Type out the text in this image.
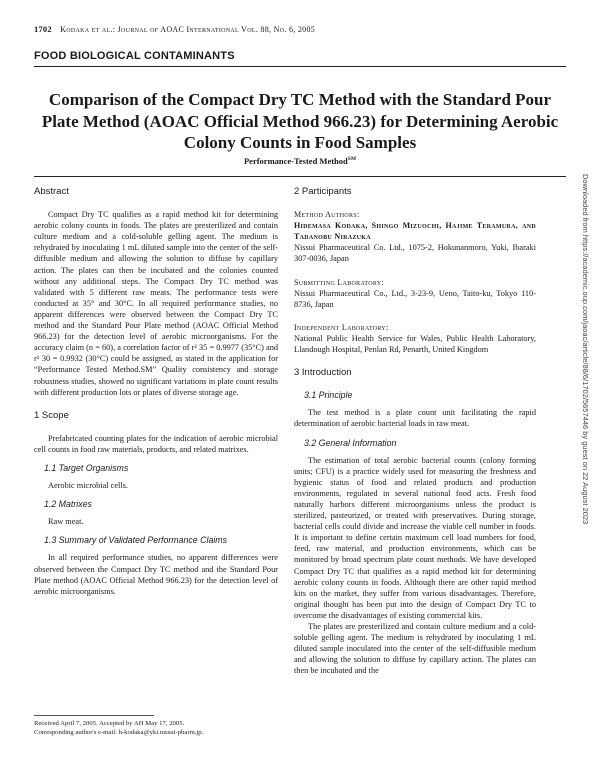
1702 Kodaka et al.: Journal of AOAC International Vol. 88, No. 6, 2005
FOOD BIOLOGICAL CONTAMINANTS
Comparison of the Compact Dry TC Method with the Standard Pour Plate Method (AOAC Official Method 966.23) for Determining Aerobic Colony Counts in Food Samples
Performance-Tested Method℠
Abstract

Compact Dry TC qualifies as a rapid method kit for determining aerobic colony counts in foods. The plates are presterilized and contain culture medium and a cold-soluble gelling agent. The medium is rehydrated by inoculating 1 mL diluted sample into the center of the self-diffusible medium and allowing the solution to diffuse by capillary action. The plates can then be incubated and the colonies counted without any additional steps. The Compact Dry TC method was validated with 5 different raw meats. The performance tests were conducted at 35° and 30°C. In all required performance studies, no apparent differences were observed between the Compact Dry TC method and the Standard Pour Plate method (AOAC Official Method 966.23) for the detection level of aerobic microorganisms. For the accuracy claim (n = 60), a correlation factor of r² 35 = 0.9977 (35°C) and r² 30 = 0.9932 (30°C) could be assigned, as stated in the application for “Performance Tested Method.SM” Quality consistency and storage robustness studies, showed no significant variations in plate count results with different production lots or plates of diverse storage age.

1 Scope

Prefabricated counting plates for the indication of aerobic microbial cell counts in food raw materials, products, and related matrixes.

1.1 Target Organisms

Aerobic microbial cells.

1.2 Matrixes

Raw meat.

1.3 Summary of Validated Performance Claims

In all required performance studies, no apparent differences were observed between the Compact Dry TC method and the Standard Pour Plate method (AOAC Official Method 966.23) for the detection level of aerobic microorganisms.

Received April 7, 2005. Accepted by AH May 17, 2005.
Corresponding author's e-mail: h-kodaka@yki.nissui-pharm.jp.
2 Participants

Method Authors:

Hidemasa Kodaka, Shingo Mizuochi, Hajime Teramura, and Tadanobu Nirazuka

Nissui Pharmaceutical Co. Ltd., 1075-2, Hokunanmoro, Yuki, Ibaraki 307-0036, Japan

Submitting Laboratory:

Nissui Pharmaceutical Co., Ltd., 3-23-9, Ueno, Taito-ku, Tokyo 110-8736, Japan

Independent Laboratory:

National Public Health Service for Wales, Public Health Laboratory, Llandough Hospital, Penlan Rd, Penarth, United Kingdom

3 Introduction
3.1 Principle

The test method is a plate count unit facilitating the rapid determination of aerobic bacterial loads in raw meat.

3.2 General Information

The estimation of total aerobic bacterial counts (colony forming units; CFU) is a practice widely used for measuring the freshness and hygienic status of food and related products and production environments, regulated in several national food acts. Fresh food naturally harbors different microorganisms unless the product is sterilized, pasteurized, or treated with preservatives. During storage, bacterial cells could divide and increase the viable cell number in foods. It is important to define certain maximum cell load numbers for food, feed, raw material, and production environments, which can be monitored by broad spectrum plate count methods. We have developed Compact Dry TC that qualifies as a rapid method kit for determining aerobic colony counts in foods. Although there are other rapid method kits on the market, they suffer from various disadvantages. Therefore, original thought has been put into the design of Compact Dry TC to overcome the disadvantages of existing commercial kits.

The plates are presterilized and contain culture medium and a cold-soluble gelling agent. The medium is rehydrated by inoculating 1 mL diluted sample inoculated into the center of the self-diffusible medium and allowing the solution to diffuse by capillary action. The plates can then be incubated and the

Downloaded from https://academic.oup.com/jaoac/article/88/6/1702/5657446 by guest on 22 August 2023
